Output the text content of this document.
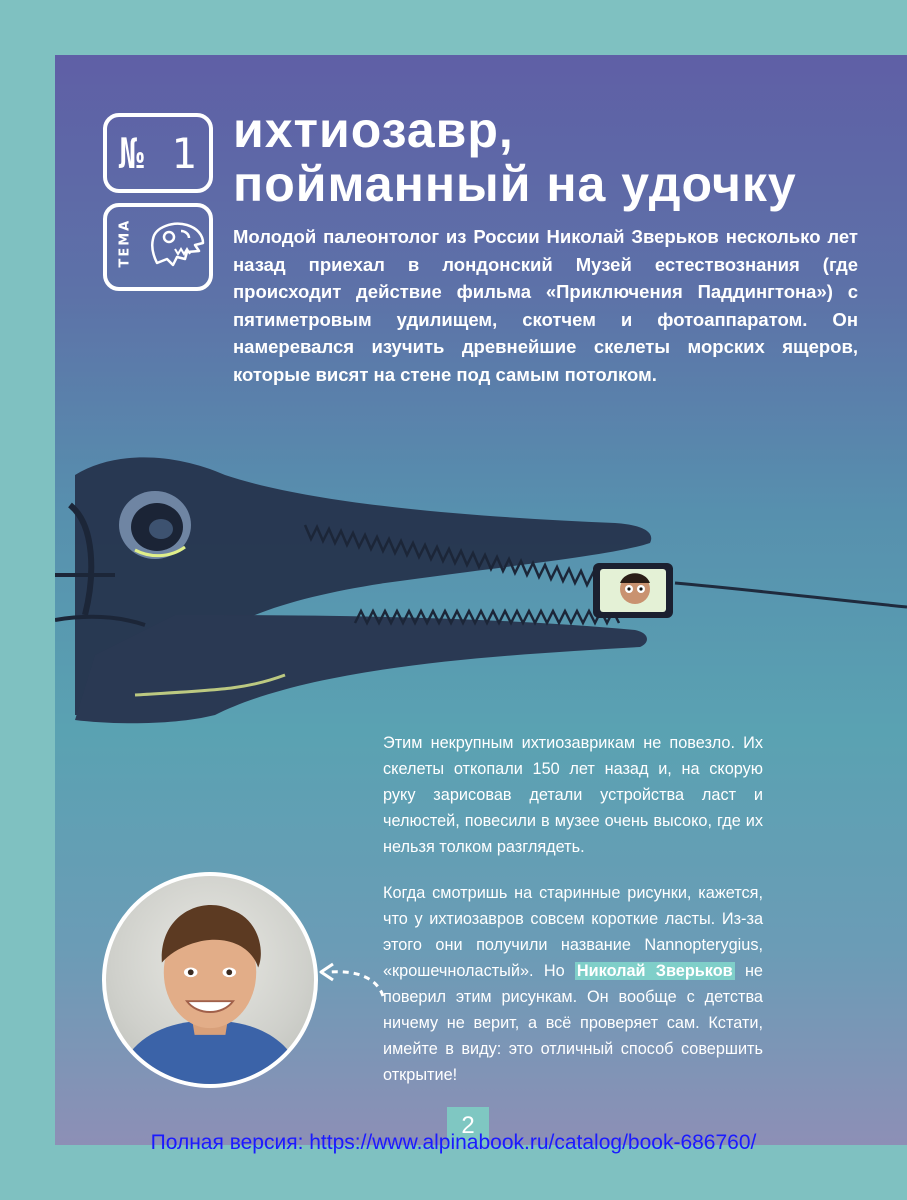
№ 1
ТЕМА
ихтиозавр,
пойманный на удочку

Молодой палеонтолог из России Николай Зверьков несколько лет назад приехал в лондонский Музей естествознания (где происходит действие фильма «Приключения Паддингтона») с пятиметровым удилищем, скотчем и фотоаппаратом. Он намеревался изучить древнейшие скелеты морских ящеров, которые висят на стене под самым потолком.

Этим некрупным ихтиозаврикам не повезло. Их скелеты откопали 150 лет назад и, на скорую руку зарисовав детали устройства ласт и челюстей, повесили в музее очень высоко, где их нельзя толком разглядеть.

Когда смотришь на старинные рисунки, кажется, что у ихтиозавров совсем короткие ласты. Из-за этого они получили название Nannopterygius, «крошечноластый». Но Николай Зверьков не поверил этим рисункам. Он вообще с детства ничему не верит, а всё проверяет сам. Кстати, имейте в виду: это отличный способ совершить открытие!

2
Полная версия: https://www.alpinabook.ru/catalog/book-686760/
